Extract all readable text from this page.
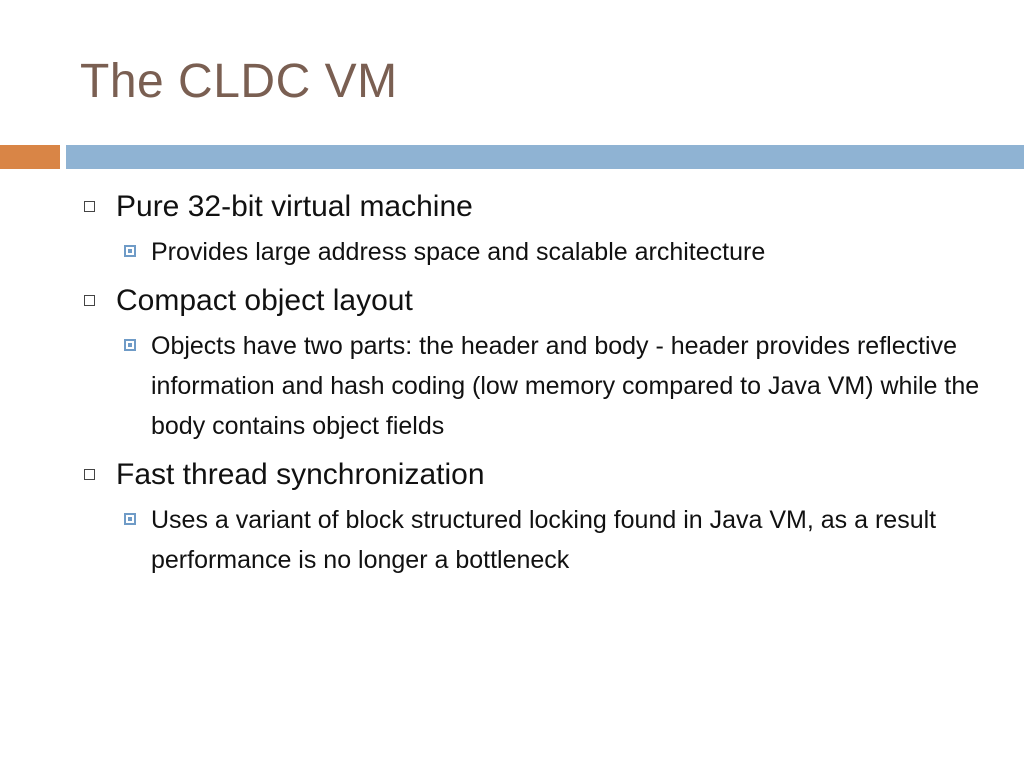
The CLDC VM
Pure 32-bit virtual machine
Provides large address space and scalable architecture
Compact object layout
Objects have two parts: the header and body - header provides reflective information and hash coding (low memory compared to Java VM) while the body contains object fields
Fast thread synchronization
Uses a variant of block structured locking found in Java VM, as a result performance is no longer a bottleneck
